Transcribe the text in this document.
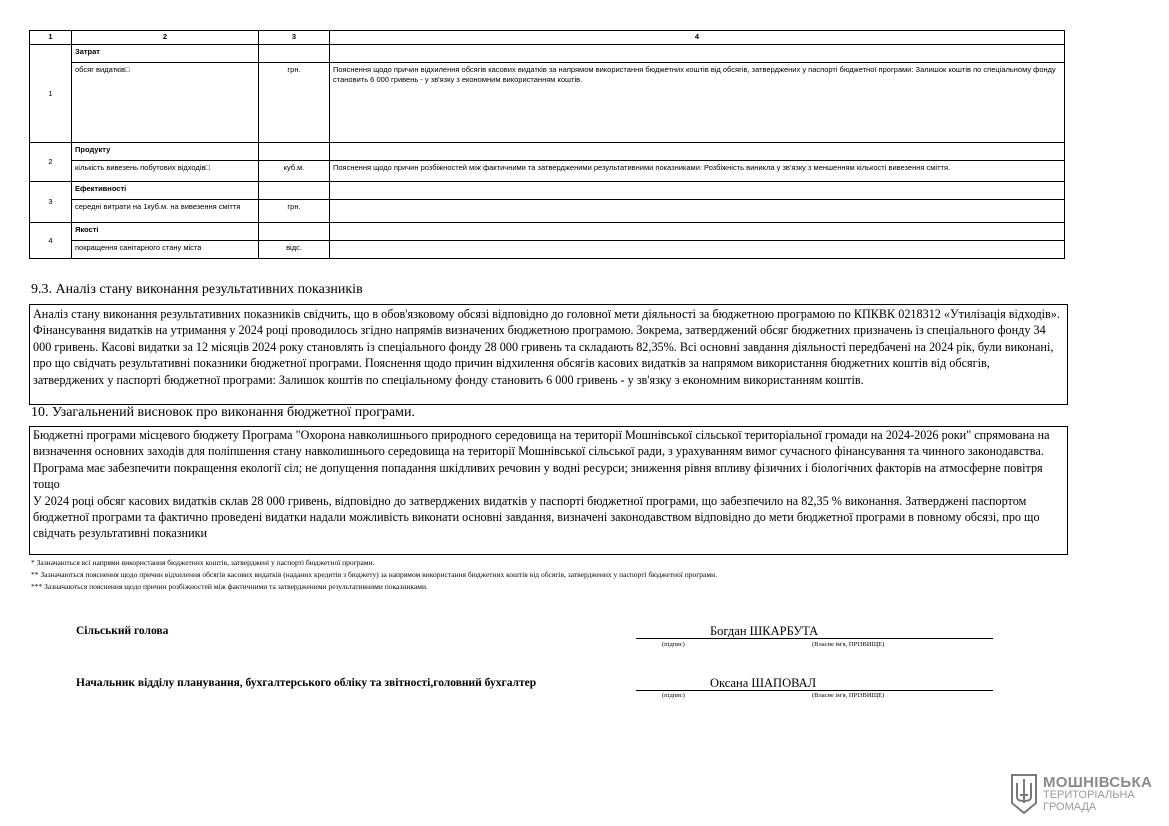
1	2	3	4
1	Затрат		
	обсяг видатків□	грн.	Пояснення щодо причин відхилення обсягів касових видатків за напрямом використання бюджетних коштів від обсягів, затверджених у паспорті бюджетної програми: Залишок коштів по спеціальному фонду становить 6 000 гривень - у зв'язку з економним використанням коштів.
2	Продукту		
	кількість вивезень побутових відходів□	куб.м.	Пояснення щодо причин розбіжностей між фактичними та затвердженими результативними показниками: Розбіжність виникла у зв'язку з меншенням кількості вивезення сміття.
3	Ефективності		
	середні витрати на 1куб.м. на вивезення сміття	грн.	
4	Якості		
	покращення санітарного стану міста	відс.	
9.3. Аналіз стану виконання результативних показників
Аналіз стану виконання результативних показників свідчить, що в обов'язковому обсязі відповідно до головної мети діяльності за бюджетною програмою по КПКВК 0218312 «Утилізація відходів». Фінансування видатків на утримання у 2024 році проводилось згідно напрямів визначених бюджетною програмою. Зокрема, затверджений обсяг бюджетних призначень із спеціального фонду 34 000 гривень. Касові видатки за 12 місяців 2024 року становлять із спеціального фонду 28 000 гривень та складають 82,35%. Всі основні завдання діяльності передбачені на 2024 рік, були виконані, про що свідчать результативні показники бюджетної програми. Пояснення щодо причин відхилення обсягів касових видатків за напрямом використання бюджетних коштів від обсягів, затверджених у паспорті бюджетної програми: Залишок коштів по спеціальному фонду становить 6 000 гривень - у зв'язку з економним використанням коштів.
10. Узагальнений висновок про виконання бюджетної програми.
Бюджетні програми місцевого бюджету Програма "Охорона навколишнього природного середовища на території Мошнівської сільської територіальної громади на 2024-2026 роки" спрямована на визначення основних заходів для поліпшення стану навколишнього середовища на території Мошнівської сільської ради, з урахуванням вимог сучасного фінансування та чинного законодавства. Програма має забезпечити покращення екології сіл; не допущення попадання шкідливих речовин у водні ресурси; зниження рівня впливу фізичних і біологічних факторів на атмосферне повітря тощо
У 2024 році обсяг касових видатків склав 28 000 гривень, відповідно до затверджених видатків у паспорті бюджетної програми, що забезпечило на 82,35 % виконання. Затверджені паспортом бюджетної програми та фактично проведені видатки надали можливість виконати основні завдання, визначені законодавством відповідно до мети бюджетної програми в повному обсязі, про що свідчать результативні показники
* Зазначаються всі напрями використання бюджетних коштів, затверджені у паспорті бюджетної програми.
** Зазначаються пояснення щодо причин відхилення обсягів касових видатків (наданих кредитів з бюджету) за напрямом використання бюджетних коштів від обсягів, затверджених у паспорті бюджетної програми.
*** Зазначаються пояснення щодо причин розбіжностей між фактичними та затвердженими результативними показниками.
Сільський голова	Богдан ШКАРБУТА
(підпис)	(Власне ім'я, ПРІЗВИЩЕ)
Начальник відділу планування, бухгалтерського обліку та звітності,головний бухгалтер	Оксана ШАПОВАЛ
(підпис)	(Власне ім'я, ПРІЗВИЩЕ)
МОШНІВСЬКА
ТЕРИТОРІАЛЬНА
ГРОМАДА
